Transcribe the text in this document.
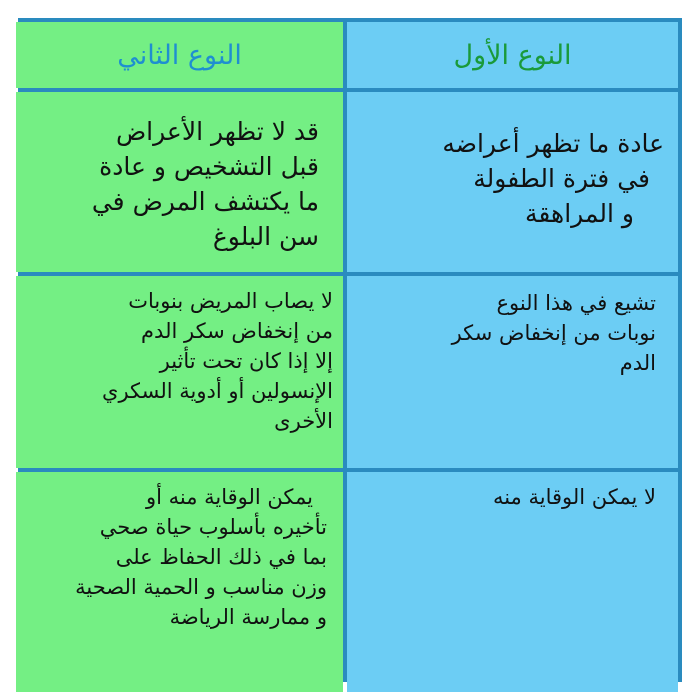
النوع الأول
النوع الثاني
عادة ما تظهر أعراضه
في فترة الطفولة
و المراهقة
قد لا تظهر الأعراض
قبل التشخيص و عادة
ما يكتشف المرض في
سن البلوغ
تشيع في هذا النوع
نوبات من إنخفاض سكر
الدم
لا يصاب المريض بنوبات
من إنخفاض سكر الدم
إلا إذا كان تحت تأثير
الإنسولين أو أدوية السكري
الأخرى
لا يمكن الوقاية منه
يمكن الوقاية منه أو
تأخيره بأسلوب حياة صحي
بما في ذلك الحفاظ على
وزن مناسب و الحمية الصحية
و ممارسة الرياضة
